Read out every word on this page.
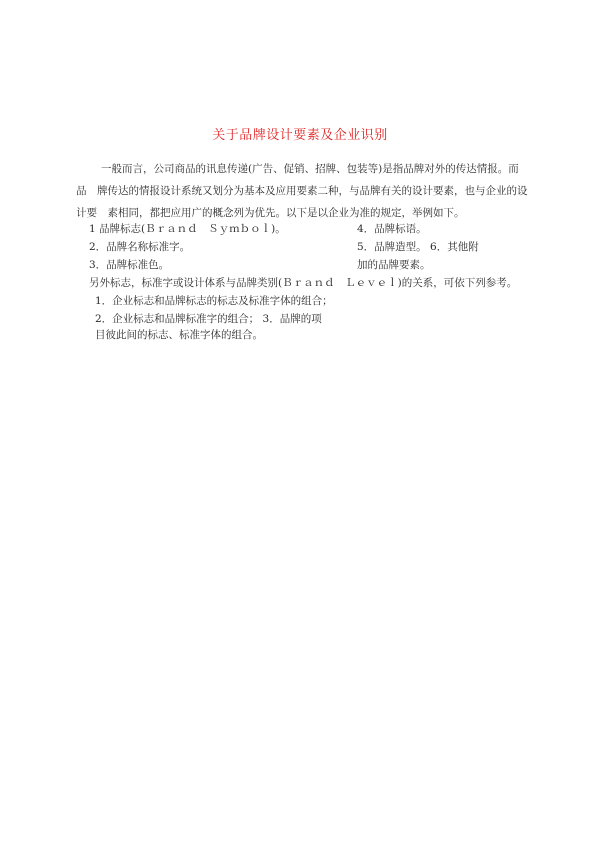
关于品牌设计要素及企业识别
一般而言，公司商品的讯息传递(广告、促销、招牌、包装等)是指品牌对外的传达情报。而
品　牌传达的情报设计系统又划分为基本及应用要素二种，与品牌有关的设计要素，也与企业的设
计要　素相同，都把应用广的概念列为优先。以下是以企业为准的规定，举例如下。
1 品牌标志(Ｂｒａｎｄ　Ｓｙｍｂｏｌ)。	4．品牌标语。
2．品牌名称标准字。	5．品牌造型。 6．其他附
3．品牌标准色。	加的品牌要素。
另外标志，标准字或设计体系与品牌类别(Ｂｒａｎｄ　Ｌｅｖｅｌ)的关系，可依下列参考。
1．企业标志和品牌标志的标志及标准字体的组合；
2．企业标志和品牌标准字的组合； 3．品牌的项
目彼此间的标志、标准字体的组合。
